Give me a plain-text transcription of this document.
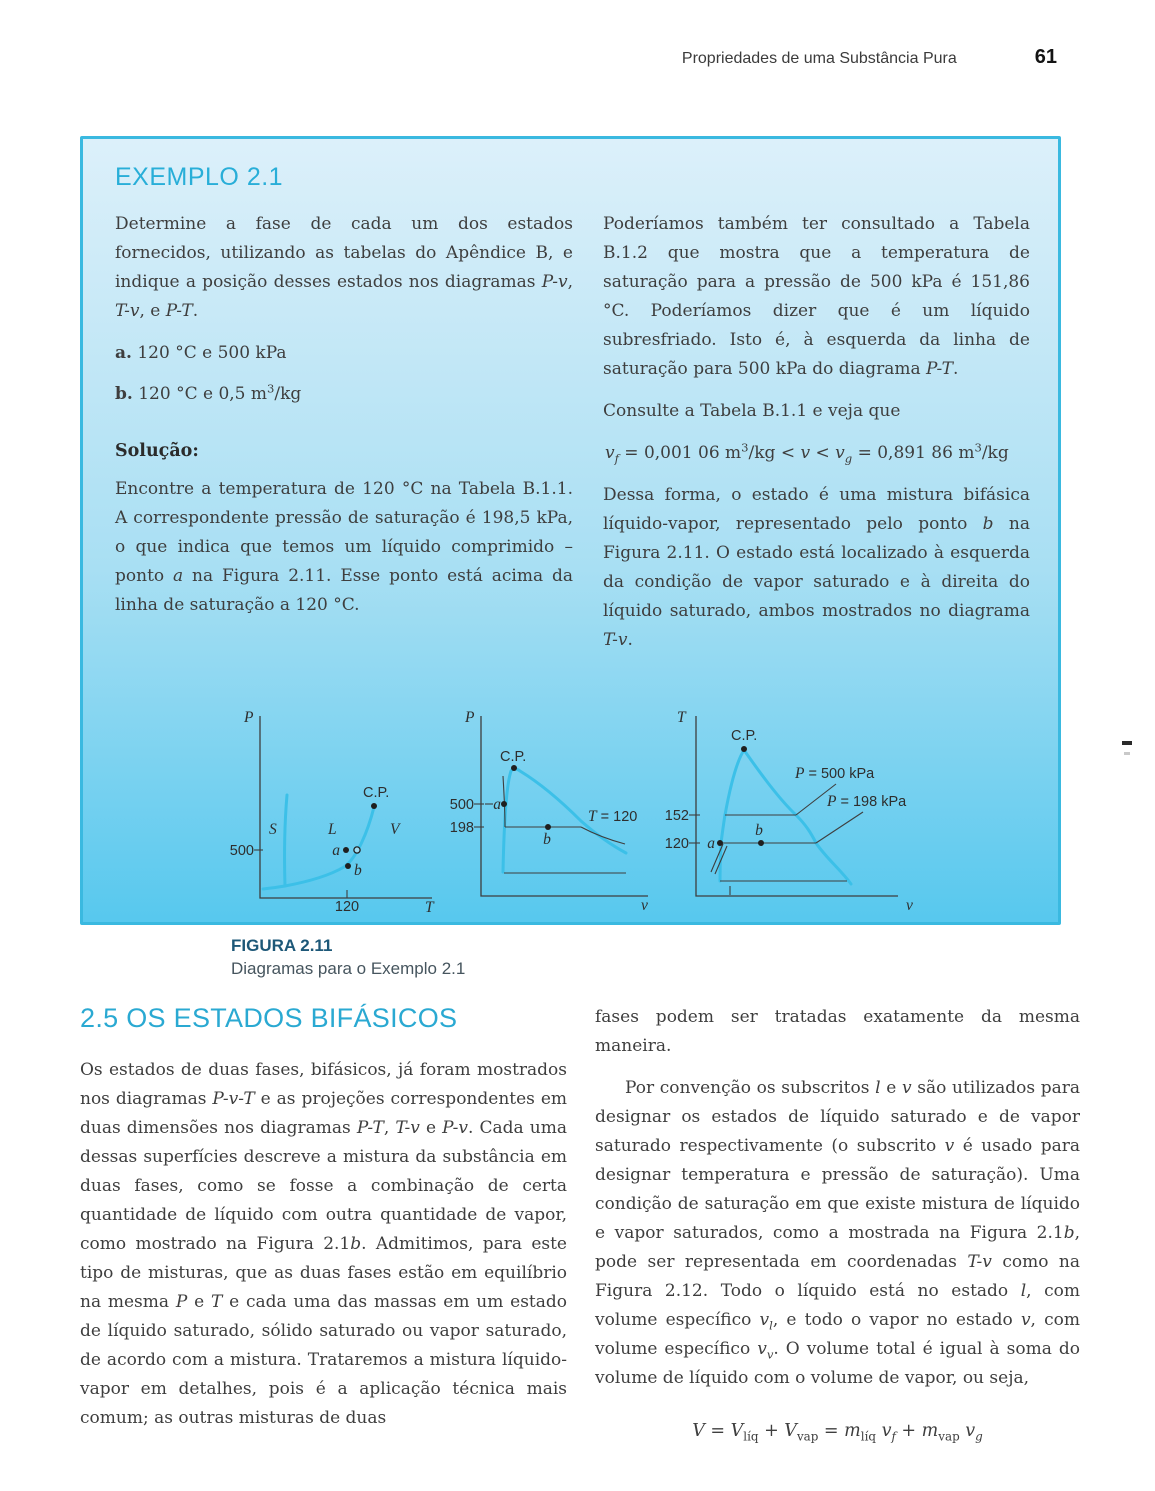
Propriedades de uma Substância Pura	61
EXEMPLO 2.1

Determine a fase de cada um dos estados fornecidos, utilizando as tabelas do Apêndice B, e indique a posição desses estados nos diagramas P-v, T-v, e P-T.

a. 120 °C e 500 kPa

b. 120 °C e 0,5 $m^3/kg$

Solução:

Encontre a temperatura de 120 °C na Tabela B.1.1. A correspondente pressão de saturação é 198,5 kPa, o que indica que temos um líquido comprimido – ponto a na Figura 2.11. Esse ponto está acima da linha de saturação a 120 °C.

Poderíamos também ter consultado a Tabela B.1.2 que mostra que a temperatura de saturação para a pressão de 500 kPa é 151,86 °C. Poderíamos dizer que é um líquido subresfriado. Isto é, à esquerda da linha de saturação para 500 kPa do diagrama P-T.

Consulte a Tabela B.1.1 e veja que

$v_f = 0,001$ 06 $m^3/kg < v < v_g = 0,891$ 86 $m^3/kg$

Dessa forma, o estado é uma mistura bifásica líquido-vapor, representado pelo ponto b na Figura 2.11. O estado está localizado à esquerda da condição de vapor saturado e à direita do líquido saturado, ambos mostrados no diagrama T-v.

P
T
500
120
C.P.
S	L	V
a
b
P
v
500
198
C.P.
a
b
T = 120
T
v
152
120
C.P.
a
b
P = 500 kPa
P = 198 kPa
FIGURA 2.11
Diagramas para o Exemplo 2.1
2.5 OS ESTADOS BIFÁSICOS

Os estados de duas fases, bifásicos, já foram mostrados nos diagramas P-v-T e as projeções correspondentes em duas dimensões nos diagramas P-T, T-v e P-v. Cada uma dessas superfícies descreve a mistura da substância em duas fases, como se fosse a combinação de certa quantidade de líquido com outra quantidade de vapor, como mostrado na Figura 2.1b. Admitimos, para este tipo de misturas, que as duas fases estão em equilíbrio na mesma P e T e cada uma das massas em um estado de líquido saturado, sólido saturado ou vapor saturado, de acordo com a mistura. Trataremos a mistura líquido-vapor em detalhes, pois é a aplicação técnica mais comum; as outras misturas de duas

fases podem ser tratadas exatamente da mesma maneira.

Por convenção os subscritos l e v são utilizados para designar os estados de líquido saturado e de vapor saturado respectivamente (o subscrito v é usado para designar temperatura e pressão de saturação). Uma condição de saturação em que existe mistura de líquido e vapor saturados, como a mostrada na Figura 2.1b, pode ser representada em coordenadas T-v como na Figura 2.12. Todo o líquido está no estado l, com volume específico $v_l$, e todo o vapor no estado v, com volume específico $v_v$. O volume total é igual à soma do volume de líquido com o volume de vapor, ou seja,

$V = V_{líq} + V_{vap} = m_{líq}$ $v_f + m_{vap}$ $v_g$
